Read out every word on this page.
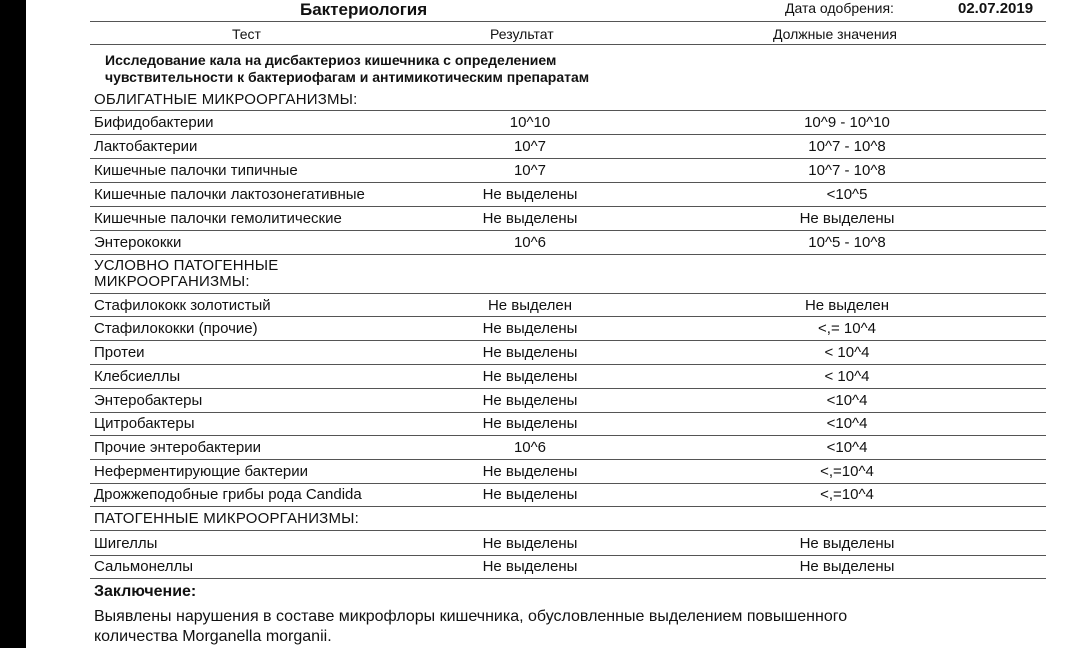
Бактериология	Дата одобрения:	02.07.2019
Тест	Результат	Должные значения
Исследование кала на дисбактериоз кишечника с определением
чувствительности к бактериофагам и антимикотическим препаратам
ОБЛИГАТНЫЕ МИКРООРГАНИЗМЫ:
Бифидобактерии	10^10	10^9 - 10^10
Лактобактерии	10^7	10^7 - 10^8
Кишечные палочки типичные	10^7	10^7 - 10^8
Кишечные палочки лактозонегативные	Не выделены	<10^5
Кишечные палочки гемолитические	Не выделены	Не выделены
Энтерококки	10^6	10^5 - 10^8
УСЛОВНО ПАТОГЕННЫЕ
МИКРООРГАНИЗМЫ:
Стафилококк золотистый	Не выделен	Не выделен
Стафилококки (прочие)	Не выделены	<,= 10^4
Протеи	Не выделены	< 10^4
Клебсиеллы	Не выделены	< 10^4
Энтеробактеры	Не выделены	<10^4
Цитробактеры	Не выделены	<10^4
Прочие энтеробактерии	10^6	<10^4
Неферментирующие бактерии	Не выделены	<,=10^4
Дрожжеподобные грибы рода Candida	Не выделены	<,=10^4
ПАТОГЕННЫЕ МИКРООРГАНИЗМЫ:
Шигеллы	Не выделены	Не выделены
Сальмонеллы	Не выделены	Не выделены
Заключение:
Выявлены нарушения в составе микрофлоры кишечника, обусловленные выделением повышенного
количества Morganella morganii.
